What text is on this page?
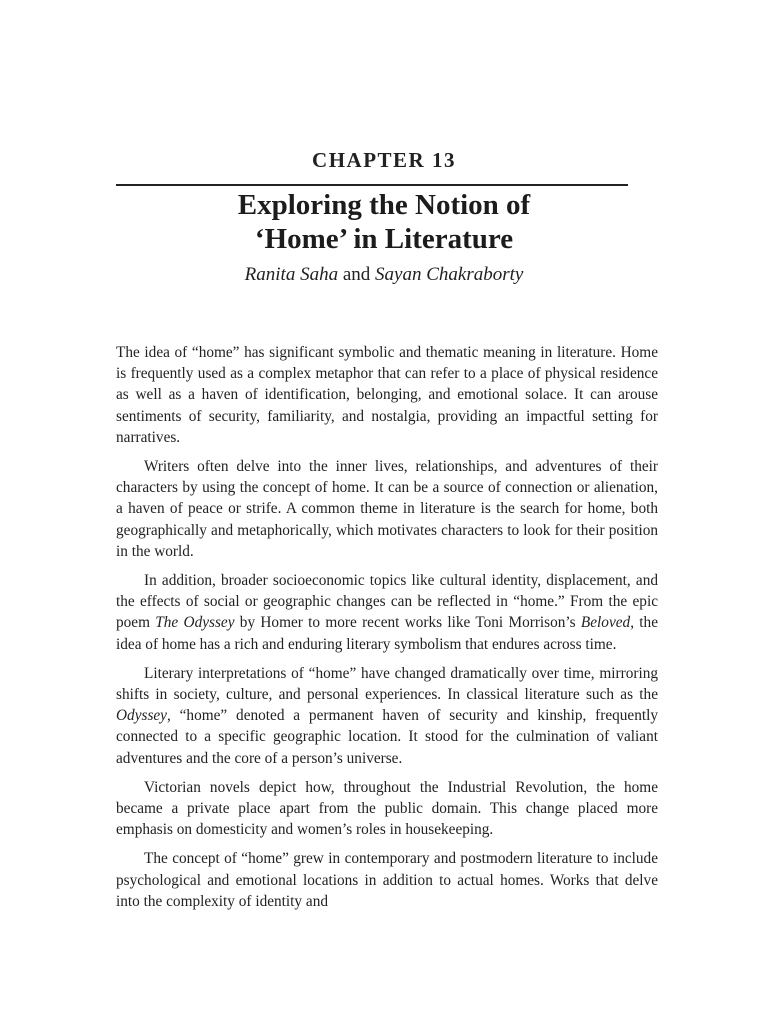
CHAPTER 13
Exploring the Notion of
‘Home’ in Literature
Ranita Saha and Sayan Chakraborty

The idea of “home” has significant symbolic and thematic meaning in literature. Home is frequently used as a complex metaphor that can refer to a place of physical residence as well as a haven of identification, belonging, and emotional solace. It can arouse sentiments of security, familiarity, and nostalgia, providing an impactful setting for narratives.

Writers often delve into the inner lives, relationships, and adventures of their characters by using the concept of home. It can be a source of connection or alienation, a haven of peace or strife. A common theme in literature is the search for home, both geographically and metaphorically, which motivates characters to look for their position in the world.

In addition, broader socioeconomic topics like cultural identity, displacement, and the effects of social or geographic changes can be reflected in “home.” From the epic poem The Odyssey by Homer to more recent works like Toni Morrison’s Beloved, the idea of home has a rich and enduring literary symbolism that endures across time.

Literary interpretations of “home” have changed dramatically over time, mirroring shifts in society, culture, and personal experiences. In classical literature such as the Odyssey, “home” denoted a permanent haven of security and kinship, frequently connected to a specific geographic location. It stood for the culmination of valiant adventures and the core of a person’s universe.

Victorian novels depict how, throughout the Industrial Revolution, the home became a private place apart from the public domain. This change placed more emphasis on domesticity and women’s roles in housekeeping.

The concept of “home” grew in contemporary and postmodern literature to include psychological and emotional locations in addition to actual homes. Works that delve into the complexity of identity and
